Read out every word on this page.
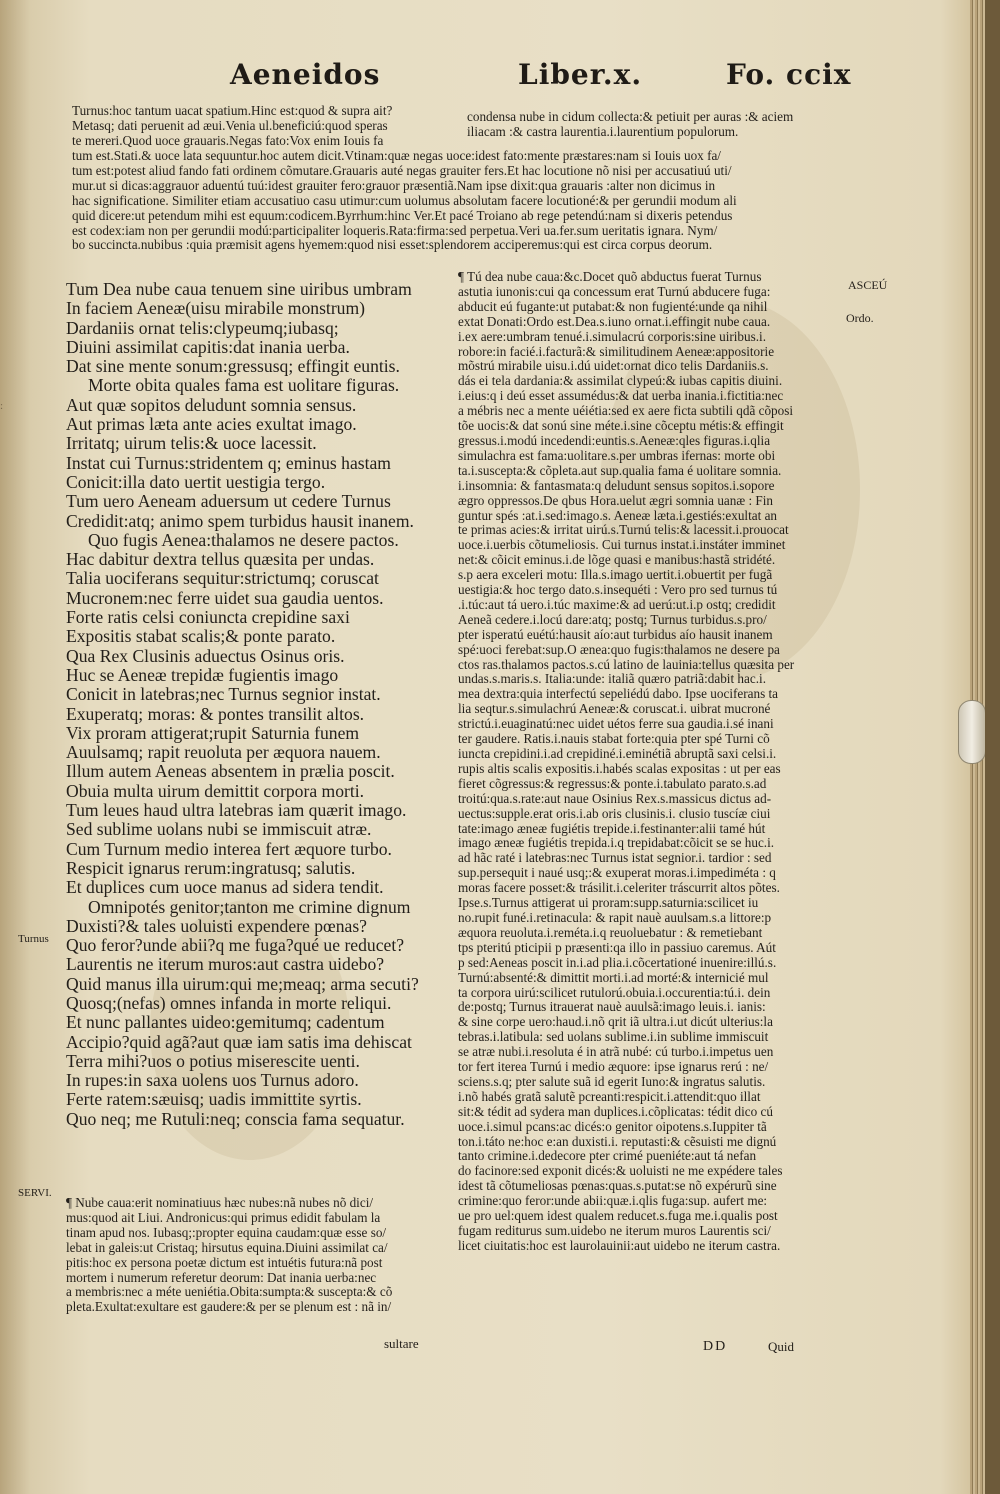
:
Aeneidos	Liber.x.	Fo. ccix
Turnus:hoc tantum uacat spatium.Hinc est:quod & supra ait?
Metasq; dati peruenit ad æui.Venia ul.beneficiú:quod speras
te mereri.Quod uoce grauaris.Negas fato:Vox enim Iouis fa
condensa nube in cidum collecta:& petiuit per auras :& aciem
iliacam :& castra laurentia.i.laurentium populorum.
tum est.Stati.& uoce lata sequuntur.hoc autem dicit.Vtinam:quæ negas uoce:idest fato:mente præstares:nam si Iouis uox fa/
tum est:potest aliud fando fati ordinem cõmutare.Grauaris auté negas grauiter fers.Et hac locutione nõ nisi per accusatiuú uti/
mur.ut si dicas:aggrauor aduentú tuú:idest grauiter fero:grauor præsentiã.Nam ipse dixit:qua grauaris :alter non dicimus in
hac significatione. Similiter etiam accusatiuo casu utimur:cum uolumus absolutam facere locutioné:& per gerundii modum ali
quid dicere:ut petendum mihi est equum:codicem.Byrrhum:hinc Ver.Et pacé Troiano ab rege petendú:nam si dixeris petendus
est codex:iam non per gerundii modú:participaliter loqueris.Rata:firma:sed perpetua.Veri ua.fer.sum ueritatis ignara. Nym/
bo succincta.nubibus :quia præmisit agens hyemem:quod nisi esset:splendorem acciperemus:qui est circa corpus deorum.
Tum Dea nube caua tenuem sine uiribus umbram
In faciem Aeneæ(uisu mirabile monstrum)
Dardaniis ornat telis:clypeumq;iubasq;
Diuini assimilat capitis:dat inania uerba.
Dat sine mente sonum:gressusq; effingit euntis.
Morte obita quales fama est uolitare figuras.
Aut quæ sopitos deludunt somnia sensus.
Aut primas læta ante acies exultat imago.
Irritatq; uirum telis:& uoce lacessit.
Instat cui Turnus:stridentem q; eminus hastam
Conicit:illa dato uertit uestigia tergo.
Tum uero Aeneam aduersum ut cedere Turnus
Credidit:atq; animo spem turbidus hausit inanem.
Quo fugis Aenea:thalamos ne desere pactos.
Hac dabitur dextra tellus quæsita per undas.
Talia uociferans sequitur:strictumq; coruscat
Mucronem:nec ferre uidet sua gaudia uentos.
Forte ratis celsi coniuncta crepidine saxi
Expositis stabat scalis;& ponte parato.
Qua Rex Clusinis aduectus Osinus oris.
Huc se Aeneæ trepidæ fugientis imago
Conicit in latebras;nec Turnus segnior instat.
Exuperatq; moras: & pontes transilit altos.
Vix proram attigerat;rupit Saturnia funem
Auulsamq; rapit reuoluta per æquora nauem.
Illum autem Aeneas absentem in prælia poscit.
Obuia multa uirum demittit corpora morti.
Tum leues haud ultra latebras iam quærit imago.
Sed sublime uolans nubi se immiscuit atræ.
Cum Turnum medio interea fert æquore turbo.
Respicit ignarus rerum:ingratusq; salutis.
Et duplices cum uoce manus ad sidera tendit.
Omnipotés genitor;tanton me crimine dignum
Duxisti?& tales uoluisti expendere pœnas?
Quo feror?unde abii?q me fuga?qué ue reducet?
Laurentis ne iterum muros:aut castra uidebo?
Quid manus illa uirum:qui me;meaq; arma secuti?
Quosq;(nefas) omnes infanda in morte reliqui.
Et nunc pallantes uideo:gemitumq; cadentum
Accipio?quid agã?aut quæ iam satis ima dehiscat
Terra mihi?uos o potius miserescite uenti.
In rupes:in saxa uolens uos Turnus adoro.
Ferte ratem:sæuisq; uadis immittite syrtis.
Quo neq; me Rutuli:neq; conscia fama sequatur.
¶ Tú dea nube caua:&c.Docet quõ abductus fuerat Turnus
astutia iunonis:cui qa concessum erat Turnú abducere fuga:
abducit eú fugante:ut putabat:& non fugienté:unde qa nihil
extat Donati:Ordo est.Dea.s.iuno ornat.i.effingit nube caua.
i.ex aere:umbram tenué.i.simulacrú corporis:sine uiribus.i.
robore:in facié.i.facturã:& similitudinem Aeneæ:appositorie
mõstrú mirabile uisu.i.dú uidet:ornat dico telis Dardaniis.s.
dás ei tela dardania:& assimilat clypeú:& iubas capitis diuini.
i.eius:q i deú esset assumédus:& dat uerba inania.i.fictitia:nec
a mébris nec a mente uéiétia:sed ex aere ficta subtili qdã cõposi
tõe uocis:& dat sonú sine méte.i.sine cõceptu métis:& effingit
gressus.i.modú incedendi:euntis.s.Aeneæ:qles figuras.i.qlia
simulachra est fama:uolitare.s.per umbras ifernas: morte obi
ta.i.suscepta:& cõpleta.aut sup.qualia fama é uolitare somnia.
i.insomnia: & fantasmata:q deludunt sensus sopitos.i.sopore
ægro oppressos.De qbus Hora.uelut ægri somnia uanæ : Fin
guntur spés :at.i.sed:imago.s. Aeneæ læta.i.gestiés:exultat an
te primas acies:& irritat uirú.s.Turnú telis:& lacessit.i.prouocat
uoce.i.uerbis cõtumeliosis. Cui turnus instat.i.instáter imminet
net:& cõicit eminus.i.de lõge quasi e manibus:hastã stridété.
s.p aera exceleri motu: Illa.s.imago uertit.i.obuertit per fugã
uestigia:& hoc tergo dato.s.insequéti : Vero pro sed turnus tú
.i.túc:aut tá uero.i.túc maxime:& ad uerú:ut.i.p ostq; credidit
Aeneã cedere.i.locú dare:atq; postq; Turnus turbidus.s.pro/
pter isperatú euétú:hausit aío:aut turbidus aío hausit inanem
spé:uoci ferebat:sup.O ænea:quo fugis:thalamos ne desere pa
ctos ras.thalamos pactos.s.cú latino de lauinia:tellus quæsita per
undas.s.maris.s. Italia:unde: italiã quæro patriã:dabit hac.i.
mea dextra:quia interfectú sepeliédú dabo. Ipse uociferans ta
lia seqtur.s.simulachrú Aeneæ:& coruscat.i. uibrat mucroné
strictú.i.euaginatú:nec uidet uétos ferre sua gaudia.i.sé inani
ter gaudere. Ratis.i.nauis stabat forte:quia pter spé Turni cõ
iuncta crepidini.i.ad crepidiné.i.eminétiã abruptã saxi celsi.i.
rupis altis scalis expositis.i.habés scalas expositas : ut per eas
fieret cõgressus:& regressus:& ponte.i.tabulato parato.s.ad
troitú:qua.s.rate:aut naue Osinius Rex.s.massicus dictus ad-
uectus:supple.erat oris.i.ab oris clusinis.i. clusio tuscíæ ciui
tate:imago æneæ fugiétis trepide.i.festinanter:alii tamé hút
imago æneæ fugiétis trepida.i.q trepidabat:cõicit se se huc.i.
ad hãc raté i latebras:nec Turnus istat segnior.i. tardior : sed
sup.persequit i naué usq;:& exuperat moras.i.impediméta : q
moras facere posset:& trásilit.i.celeriter tráscurrit altos põtes.
Ipse.s.Turnus attigerat ui proram:supp.saturnia:scilicet iu
no.rupit funé.i.retinacula: & rapit nauè auulsam.s.a littore:p
æquora reuoluta.i.reméta.i.q reuoluebatur : & remetiebant
tps pteritú pticipii p præsenti:qa illo in passiuo caremus. Aút
p sed:Aeneas poscit in.i.ad plia.i.cõcertationé inuenire:illú.s.
Turnú:absenté:& dimittit morti.i.ad morté:& internicié mul
ta corpora uirú:scilicet rutulorú.obuia.i.occurentia:tú.i. dein
de:postq; Turnus itrauerat nauè auulsã:imago leuis.i. ianis:
& sine corpe uero:haud.i.nõ qrit iã ultra.i.ut dicút ulterius:la
tebras.i.latibula: sed uolans sublime.i.in sublime immiscuit
se atræ nubi.i.resoluta é in atrã nubé: cú turbo.i.impetus uen
tor fert iterea Turnú i medio æquore: ipse ignarus rerú : ne/
sciens.s.q; pter salute suã id egerit Iuno:& ingratus salutis.
i.nõ habés gratã salutẽ pcreanti:respicit.i.attendit:quo illat
sit:& tédit ad sydera man duplices.i.cõplicatas: tédit dico cú
uoce.i.simul pcans:ac dicés:o genitor oipotens.s.Iuppiter tã
ton.i.táto ne:hoc e:an duxisti.i. reputasti:& cẽsuisti me dignú
tanto crimine.i.dedecore pter crimé pueniéte:aut tá nefan
do facinore:sed exponit dicés:& uoluisti ne me expédere tales
idest tã cõtumeliosas pœnas:quas.s.putat:se nõ expérurũ sine
crimine:quo feror:unde abii:quæ.i.qlis fuga:sup. aufert me:
ue pro uel:quem idest qualem reducet.s.fuga me.i.qualis post
fugam rediturus sum.uidebo ne iterum muros Laurentis sci/
licet ciuitatis:hoc est laurolauinii:aut uidebo ne iterum castra.
¶ Nube caua:erit nominatiuus hæc nubes:nã nubes nõ dici/
mus:quod ait Liui. Andronicus:qui primus edidit fabulam la
tinam apud nos. Iubasq;:propter equina caudam:quæ esse so/
lebat in galeis:ut Cristaq; hirsutus equina.Diuini assimilat ca/
pitis:hoc ex persona poetæ dictum est intuétis futura:nã post
mortem i numerum referetur deorum: Dat inania uerba:nec
a membris:nec a méte ueniétia.Obita:sumpta:& suscepta:& cõ
pleta.Exultat:exultare est gaudere:& per se plenum est : nã in/
sultare	DD	Quid
ASCEÚ
Ordo.
Turnus
SERVI.
